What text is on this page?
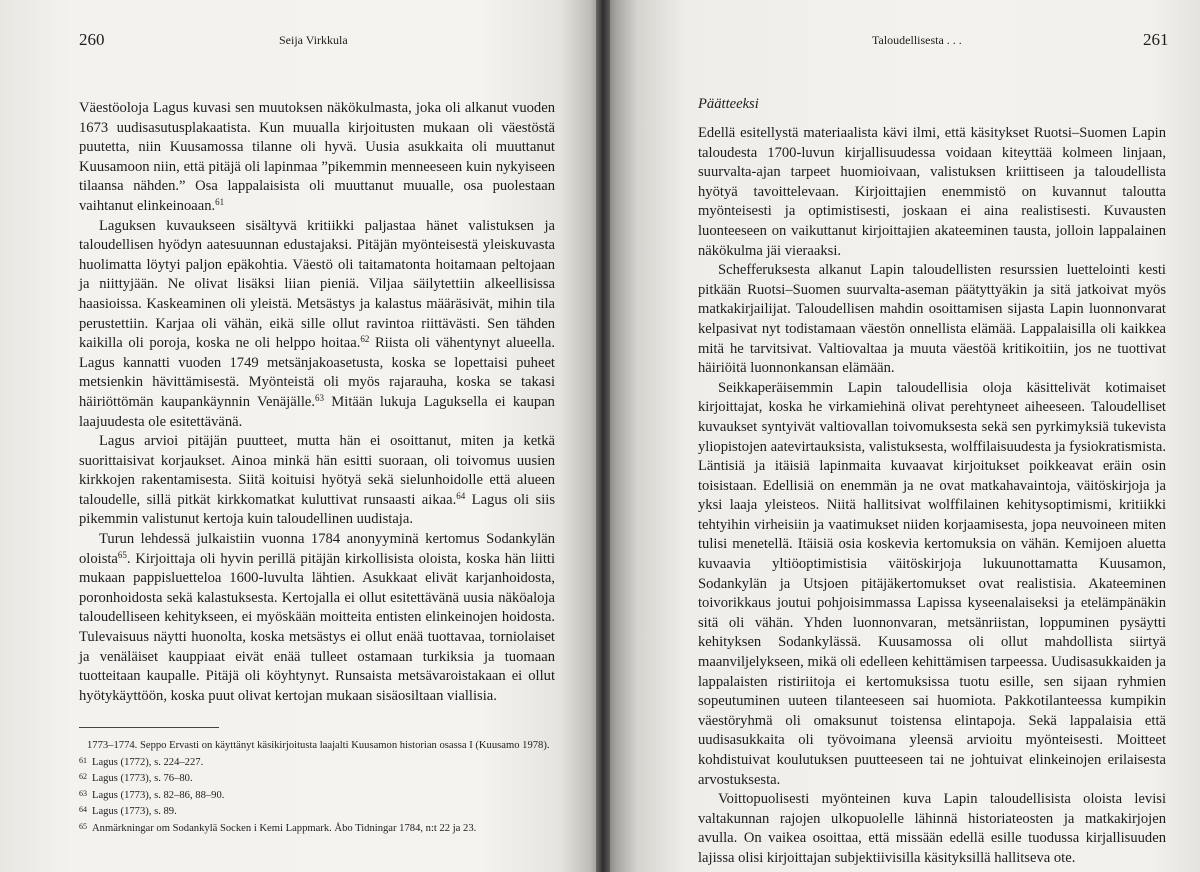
260	Seija Virkkula

Väestöoloja Lagus kuvasi sen muutoksen näkökulmasta, joka oli alkanut vuoden 1673 uudisasutusplakaatista. Kun muualla kirjoitusten mukaan oli väestöstä puutetta, niin Kuusamossa tilanne oli hyvä. Uusia asukkaita oli muuttanut Kuusamoon niin, että pitäjä oli lapinmaa ”pikemmin menneeseen kuin nykyiseen tilaansa nähden.” Osa lappalaisista oli muuttanut muualle, osa puolestaan vaihtanut elinkeinoaan.$^{61}$

Laguksen kuvaukseen sisältyvä kritiikki paljastaa hänet valistuksen ja taloudellisen hyödyn aatesuunnan edustajaksi. Pitäjän myönteisestä yleiskuvasta huolimatta löytyi paljon epäkohtia. Väestö oli taitamatonta hoitamaan peltojaan ja niittyjään. Ne olivat lisäksi liian pieniä. Viljaa säilytettiin alkeellisissa haasioissa. Kaskeaminen oli yleistä. Metsästys ja kalastus määräsivät, mihin tila perustettiin. Karjaa oli vähän, eikä sille ollut ravintoa riittävästi. Sen tähden kaikilla oli poroja, koska ne oli helppo hoitaa.$^{62}$ Riista oli vähentynyt alueella. Lagus kannatti vuoden 1749 metsänjakoasetusta, koska se lopettaisi puheet metsienkin hävittämisestä. Myönteistä oli myös rajarauha, koska se takasi häiriöttömän kaupankäynnin Venäjälle.$^{63}$ Mitään lukuja Laguksella ei kaupan laajuudesta ole esitettävänä.

Lagus arvioi pitäjän puutteet, mutta hän ei osoittanut, miten ja ketkä suorittaisivat korjaukset. Ainoa minkä hän esitti suoraan, oli toivomus uusien kirkkojen rakentamisesta. Siitä koituisi hyötyä sekä sielunhoidolle että alueen taloudelle, sillä pitkät kirkkomatkat kuluttivat runsaasti aikaa.$^{64}$ Lagus oli siis pikemmin valistunut kertoja kuin taloudellinen uudistaja.

Turun lehdessä julkaistiin vuonna 1784 anonyyminä kertomus Sodankylän oloista$^{65}$. Kirjoittaja oli hyvin perillä pitäjän kirkollisista oloista, koska hän liitti mukaan pappisluetteloa 1600-luvulta lähtien. Asukkaat elivät karjanhoidosta, poronhoidosta sekä kalastuksesta. Kertojalla ei ollut esitettävänä uusia näköaloja taloudelliseen kehitykseen, ei myöskään moitteita entisten elinkeinojen hoidosta. Tulevaisuus näytti huonolta, koska metsästys ei ollut enää tuottavaa, torniolaiset ja venäläiset kauppiaat eivät enää tulleet ostamaan turkiksia ja tuomaan tuotteitaan kaupalle. Pitäjä oli köyhtynyt. Runsaista metsävaroistakaan ei ollut hyötykäyttöön, koska puut olivat kertojan mukaan sisäosiltaan viallisia.

1773–1774. Seppo Ervasti on käyttänyt käsikirjoitusta laajalti Kuusamon historian osassa I (Kuusamo 1978).
61 Lagus (1772), s. 224–227.
62 Lagus (1773), s. 76–80.
63 Lagus (1773), s. 82–86, 88–90.
64 Lagus (1773), s. 89.
65 Anmärkningar om Sodankylä Socken i Kemi Lappmark. Åbo Tidningar 1784, n:t 22 ja 23.
Taloudellisesta . . .	261
Päätteeksi

Edellä esitellystä materiaalista kävi ilmi, että käsitykset Ruotsi–Suomen Lapin taloudesta 1700-luvun kirjallisuudessa voidaan kiteyttää kolmeen linjaan, suurvalta-ajan tarpeet huomioivaan, valistuksen kriittiseen ja taloudellista hyötyä tavoittelevaan. Kirjoittajien enemmistö on kuvannut taloutta myönteisesti ja optimistisesti, joskaan ei aina realistisesti. Kuvausten luonteeseen on vaikuttanut kirjoittajien akateeminen tausta, jolloin lappalainen näkökulma jäi vieraaksi.

Schefferuksesta alkanut Lapin taloudellisten resurssien luettelointi kesti pitkään Ruotsi–Suomen suurvalta-aseman päätyttyäkin ja sitä jatkoivat myös matkakirjailijat. Taloudellisen mahdin osoittamisen sijasta Lapin luonnonvarat kelpasivat nyt todistamaan väestön onnellista elämää. Lappalaisilla oli kaikkea mitä he tarvitsivat. Valtiovaltaa ja muuta väestöä kritikoitiin, jos ne tuottivat häiriöitä luonnonkansan elämään.

Seikkaperäisemmin Lapin taloudellisia oloja käsittelivät kotimaiset kirjoittajat, koska he virkamiehinä olivat perehtyneet aiheeseen. Taloudelliset kuvaukset syntyivät valtiovallan toivomuksesta sekä sen pyrkimyksiä tukevista yliopistojen aatevirtauksista, valistuksesta, wolffilaisuudesta ja fysiokratismista. Läntisiä ja itäisiä lapinmaita kuvaavat kirjoitukset poikkeavat eräin osin toisistaan. Edellisiä on enemmän ja ne ovat matkahavaintoja, väitöskirjoja ja yksi laaja yleisteos. Niitä hallitsivat wolffilainen kehitysoptimismi, kritiikki tehtyihin virheisiin ja vaatimukset niiden korjaamisesta, jopa neuvoineen miten tulisi menetellä. Itäisiä osia koskevia kertomuksia on vähän. Kemijoen aluetta kuvaavia yltiöoptimistisia väitöskirjoja lukuunottamatta Kuusamon, Sodankylän ja Utsjoen pitäjäkertomukset ovat realistisia. Akateeminen toivorikkaus joutui pohjoisimmassa Lapissa kyseenalaiseksi ja etelämpänäkin sitä oli vähän. Yhden luonnonvaran, metsänriistan, loppuminen pysäytti kehityksen Sodankylässä. Kuusamossa oli ollut mahdollista siirtyä maanviljelykseen, mikä oli edelleen kehittämisen tarpeessa. Uudisasukkaiden ja lappalaisten ristiriitoja ei kertomuksissa tuotu esille, sen sijaan ryhmien sopeutuminen uuteen tilanteeseen sai huomiota. Pakkotilanteessa kumpikin väestöryhmä oli omaksunut toistensa elintapoja. Sekä lappalaisia että uudisasukkaita oli työvoimana yleensä arvioitu myönteisesti. Moitteet kohdistuivat koulutuksen puutteeseen tai ne johtuivat elinkeinojen erilaisesta arvostuksesta.

Voittopuolisesti myönteinen kuva Lapin taloudellisista oloista levisi valtakunnan rajojen ulkopuolelle lähinnä historiateosten ja matkakirjojen avulla. On vaikea osoittaa, että missään edellä esille tuodussa kirjallisuuden lajissa olisi kirjoittajan subjektiivisilla käsityksillä hallitseva ote.
